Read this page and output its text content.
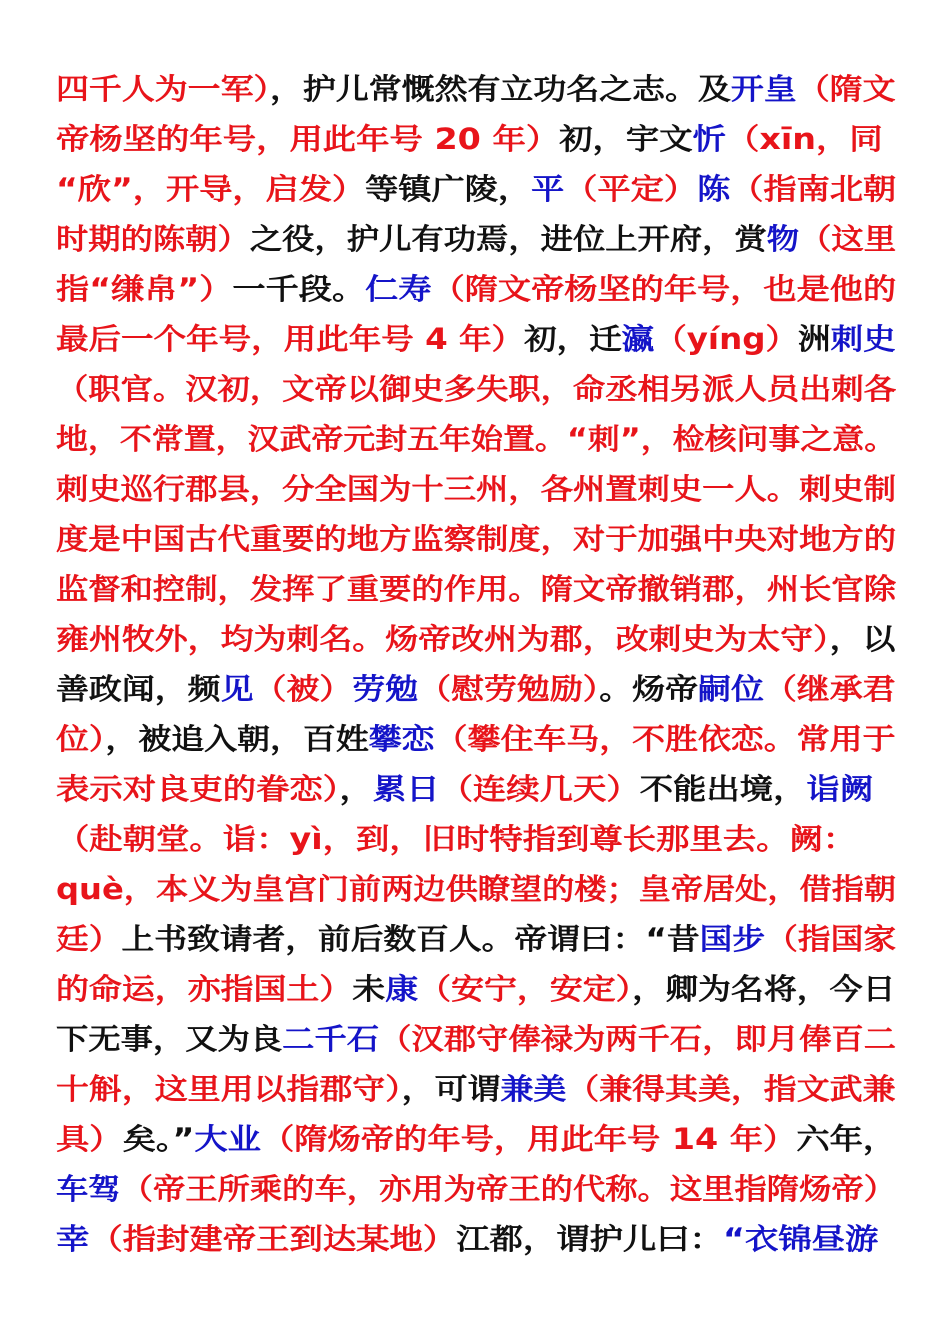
四千人为一军），护儿常慨然有立功名之志。及开皇（隋文
帝杨坚的年号，用此年号 20 年）初，宇文忻（xīn，同
“欣”，开导，启发）等镇广陵，平（平定）陈（指南北朝
时期的陈朝）之役，护儿有功焉，进位上开府，赏物（这里
指“缣帛”）一千段。仁寿（隋文帝杨坚的年号，也是他的
最后一个年号，用此年号 4 年）初，迁瀛（yíng）洲刺史
（职官。汉初，文帝以御史多失职，命丞相另派人员出刺各
地，不常置，汉武帝元封五年始置。“刺”，检核问事之意。
刺史巡行郡县，分全国为十三州，各州置刺史一人。刺史制
度是中国古代重要的地方监察制度，对于加强中央对地方的
监督和控制，发挥了重要的作用。隋文帝撤销郡，州长官除
雍州牧外，均为刺名。炀帝改州为郡，改刺史为太守），以
善政闻，频见（被）劳勉（慰劳勉励）。炀帝嗣位（继承君
位），被追入朝，百姓攀恋（攀住车马，不胜依恋。常用于
表示对良吏的眷恋），累日（连续几天）不能出境，诣阙
（赴朝堂。诣：yì，到，旧时特指到尊长那里去。阙：
què，本义为皇宫门前两边供瞭望的楼；皇帝居处，借指朝
廷）上书致请者，前后数百人。帝谓曰：“昔国步（指国家
的命运，亦指国土）未康（安宁，安定），卿为名将，今日
下无事，又为良二千石（汉郡守俸禄为两千石，即月俸百二
十斛，这里用以指郡守），可谓兼美（兼得其美，指文武兼
具）矣。”大业（隋炀帝的年号，用此年号 14 年）六年，
车驾（帝王所乘的车，亦用为帝王的代称。这里指隋炀帝）
幸（指封建帝王到达某地）江都，谓护儿曰：“衣锦昼游
